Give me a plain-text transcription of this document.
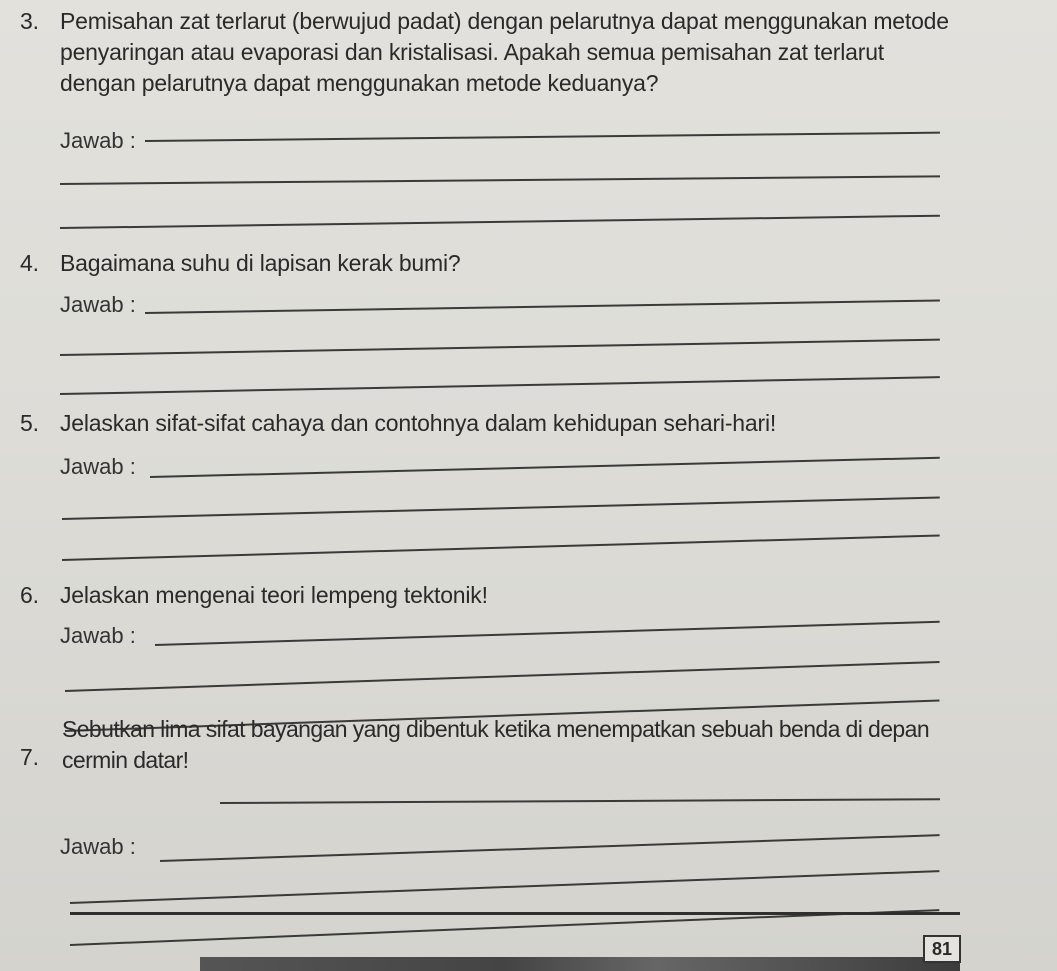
3. Pemisahan zat terlarut (berwujud padat) dengan pelarutnya dapat menggunakan metode penyaringan atau evaporasi dan kristalisasi. Apakah semua pemisahan zat terlarut dengan pelarutnya dapat menggunakan metode keduanya?
Jawab :
4. Bagaimana suhu di lapisan kerak bumi?
Jawab :
5. Jelaskan sifat-sifat cahaya dan contohnya dalam kehidupan sehari-hari!
Jawab :
6. Jelaskan mengenai teori lempeng tektonik!
Jawab :
7.
Sebutkan lima sifat bayangan yang dibentuk ketika menempatkan sebuah benda di depan cermin datar!
Jawab :
81
